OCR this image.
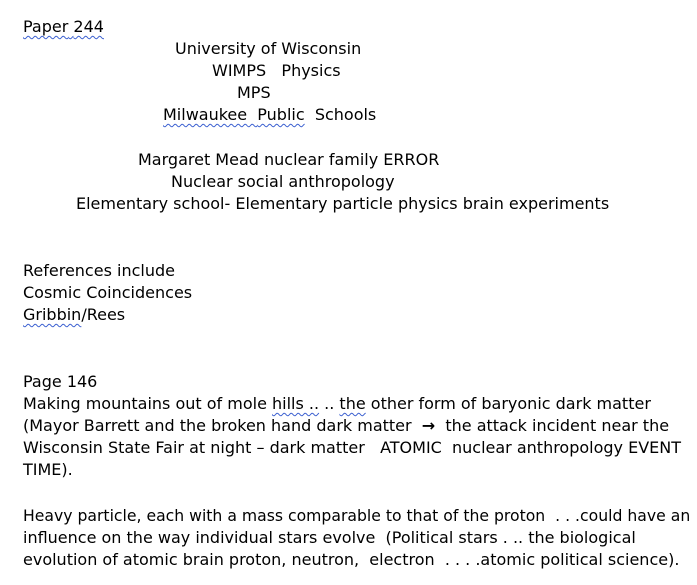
Paper 244
University of Wisconsin
WIMPS Physics
MPS
Milwaukee Public Schools
Margaret Mead nuclear family ERROR
Nuclear social anthropology
Elementary school- Elementary particle physics brain experiments
References include
Cosmic Coincidences
Gribbin/Rees
Page 146
Making mountains out of mole hills .. .. the other form of baryonic dark matter
(Mayor Barrett and the broken hand dark matter  →  the attack incident near the
Wisconsin State Fair at night – dark matter   ATOMIC  nuclear anthropology EVENT
TIME).
Heavy particle, each with a mass comparable to that of the proton  . . .could have an
influence on the way individual stars evolve  (Political stars . .. the biological
evolution of atomic brain proton, neutron,  electron  . . . .atomic political science).
